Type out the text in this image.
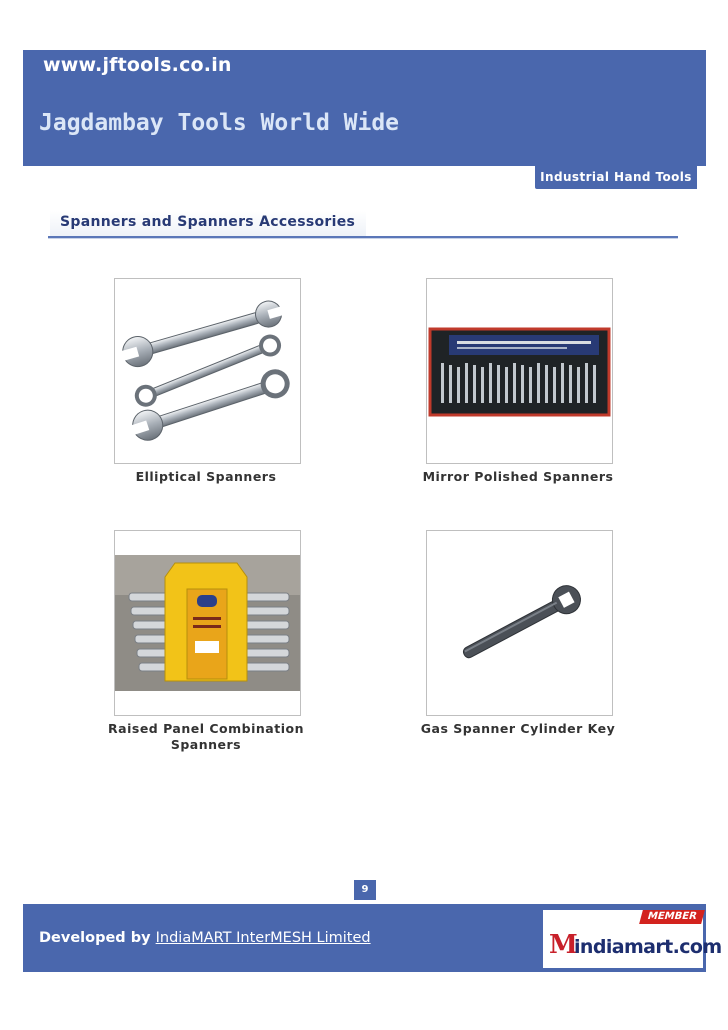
www.jftools.co.in
Jagdambay Tools World Wide
Industrial Hand Tools
Spanners and Spanners Accessories
Elliptical Spanners	Mirror Polished Spanners
Raised Panel Combination Spanners
Gas Spanner Cylinder Key
9
Developed by IndiaMART InterMESH Limited
MEMBER
M
indiamart.com
